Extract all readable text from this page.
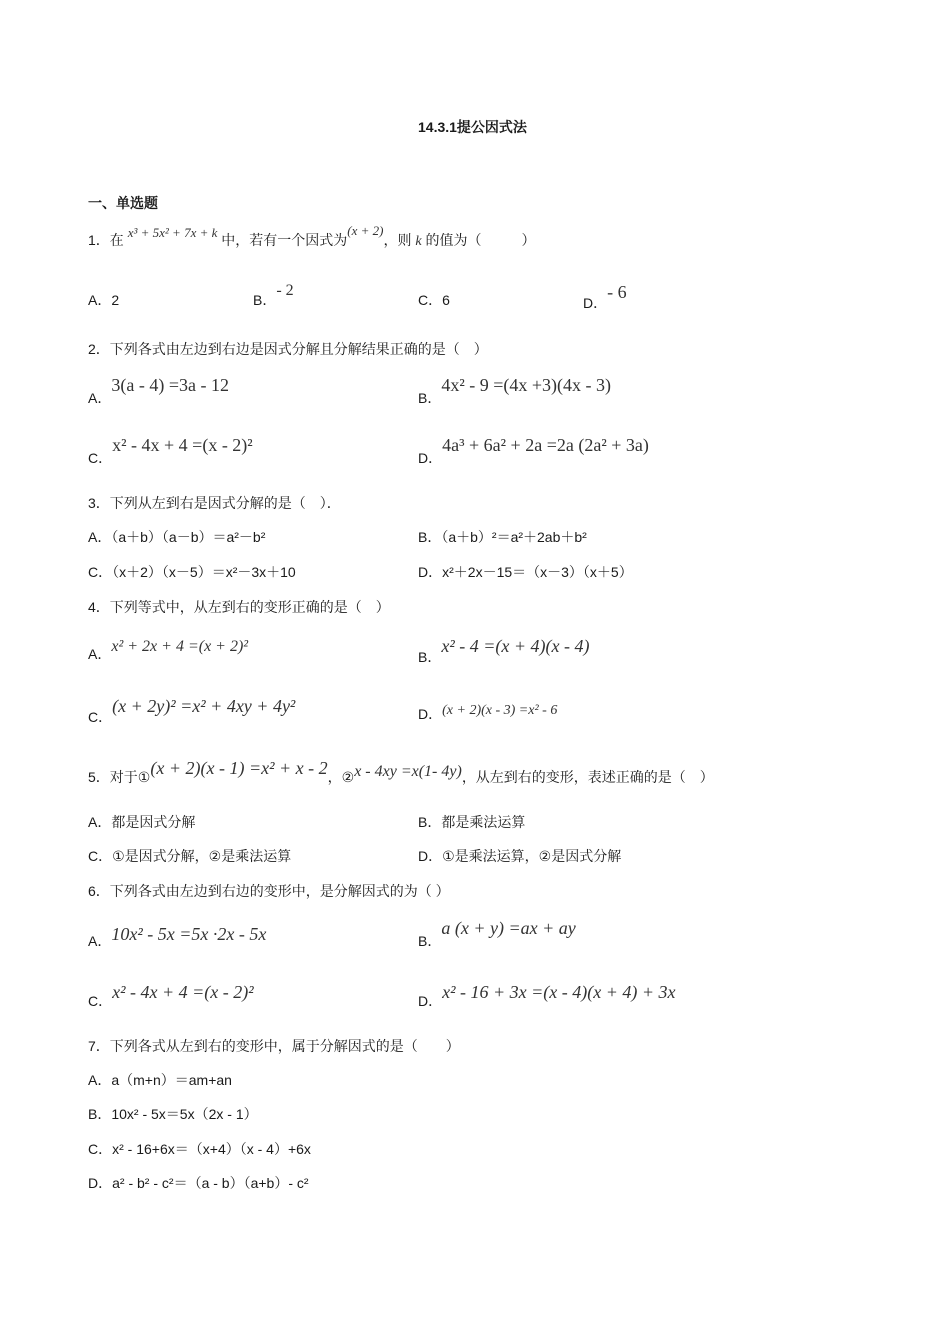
14.3.1提公因式法
一、单选题
1．在 x³ + 5x² + 7x + k 中，若有一个因式为(x + 2)，则 k 的值为（	）
A．2	B．- 2
C．6	D．- 6
2．下列各式由左边到右边是因式分解且分解结果正确的是（　）
A．3(a - 4) =3a - 12
B．4x² - 9 =(4x +3)(4x - 3)
C．x² - 4x + 4 =(x - 2)²
D．4a³ + 6a² + 2a =2a (2a² + 3a)
3．下列从左到右是因式分解的是（　）．
A．（a＋b）（a－b）＝a²－b²	B．（a＋b）²＝a²＋2ab＋b²
C．（x＋2）（x－5）＝x²－3x＋10	D．x²＋2x－15＝（x－3）（x＋5）
4．下列等式中，从左到右的变形正确的是（　）
A．x² + 2x + 4 =(x + 2)²
B．x² - 4 =(x + 4)(x - 4)
C．(x + 2y)² =x² + 4xy + 4y²	D．(x + 2)(x - 3) =x² - 6
5．对于①(x + 2)(x - 1) =x² + x - 2，②x - 4xy =x(1- 4y)，从左到右的变形，表述正确的是（　）
A．都是因式分解	B．都是乘法运算
C．①是因式分解，②是乘法运算	D．①是乘法运算，②是因式分解
6．下列各式由左边到右边的变形中，是分解因式的为（ ）
A．10x² - 5x =5x ·2x - 5x	B．a (x + y) =ax + ay
C．x² - 4x + 4 =(x - 2)²	D．x² - 16 + 3x =(x - 4)(x + 4) + 3x
7．下列各式从左到右的变形中，属于分解因式的是（　　）
A．a（m+n）＝am+an
B．10x² ‐ 5x＝5x（2x ‐ 1）
C．x² ‐ 16+6x＝（x+4）（x ‐ 4）+6x
D．a² ‐ b² ‐ c²＝（a ‐ b）（a+b）‐ c²
